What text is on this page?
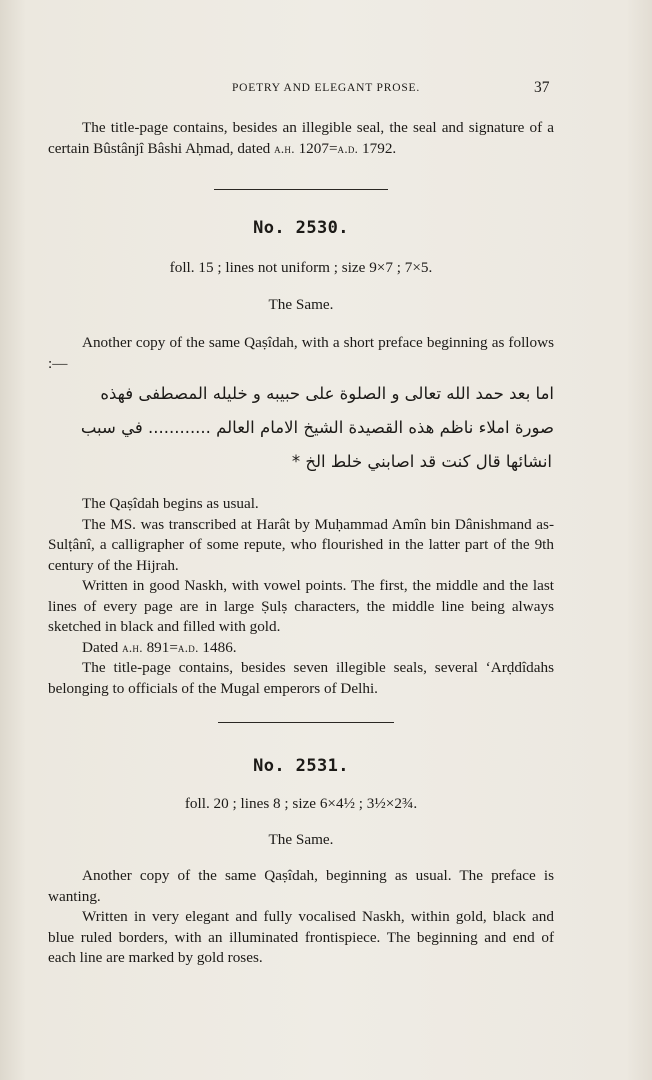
POETRY AND ELEGANT PROSE.	37

The title-page contains, besides an illegible seal, the seal and signature of a certain Bûstânjî Bâshi Aḥmad, dated a.h. 1207=a.d. 1792.

No. 2530.
foll. 15 ; lines not uniform ; size 9×7 ; 7×5.
The Same.

Another copy of the same Qaṣîdah, with a short preface beginning as follows :—

اما بعد حمد الله تعالى و الصلوة على حبيبه و خليله المصطفى فهذه
صورة املاء ناظم هذه القصيدة الشيخ الامام العالم ............ في سبب
انشائها قال كنت قد اصابني خلط الخ *

The Qaṣîdah begins as usual.

The MS. was transcribed at Harât by Muḥammad Amîn bin Dânishmand as-Sulṭânî, a calligrapher of some repute, who flourished in the latter part of the 9th century of the Hijrah.

Written in good Naskh, with vowel points. The first, the middle and the last lines of every page are in large Ṣulṣ characters, the middle line being always sketched in black and filled with gold.

Dated a.h. 891=a.d. 1486.

The title-page contains, besides seven illegible seals, several ‘Arḍdîdahs belonging to officials of the Mugal emperors of Delhi.

No. 2531.
foll. 20 ; lines 8 ; size 6×4½ ; 3½×2¾.
The Same.

Another copy of the same Qaṣîdah, beginning as usual. The preface is wanting.

Written in very elegant and fully vocalised Naskh, within gold, black and blue ruled borders, with an illuminated frontispiece. The beginning and end of each line are marked by gold roses.
